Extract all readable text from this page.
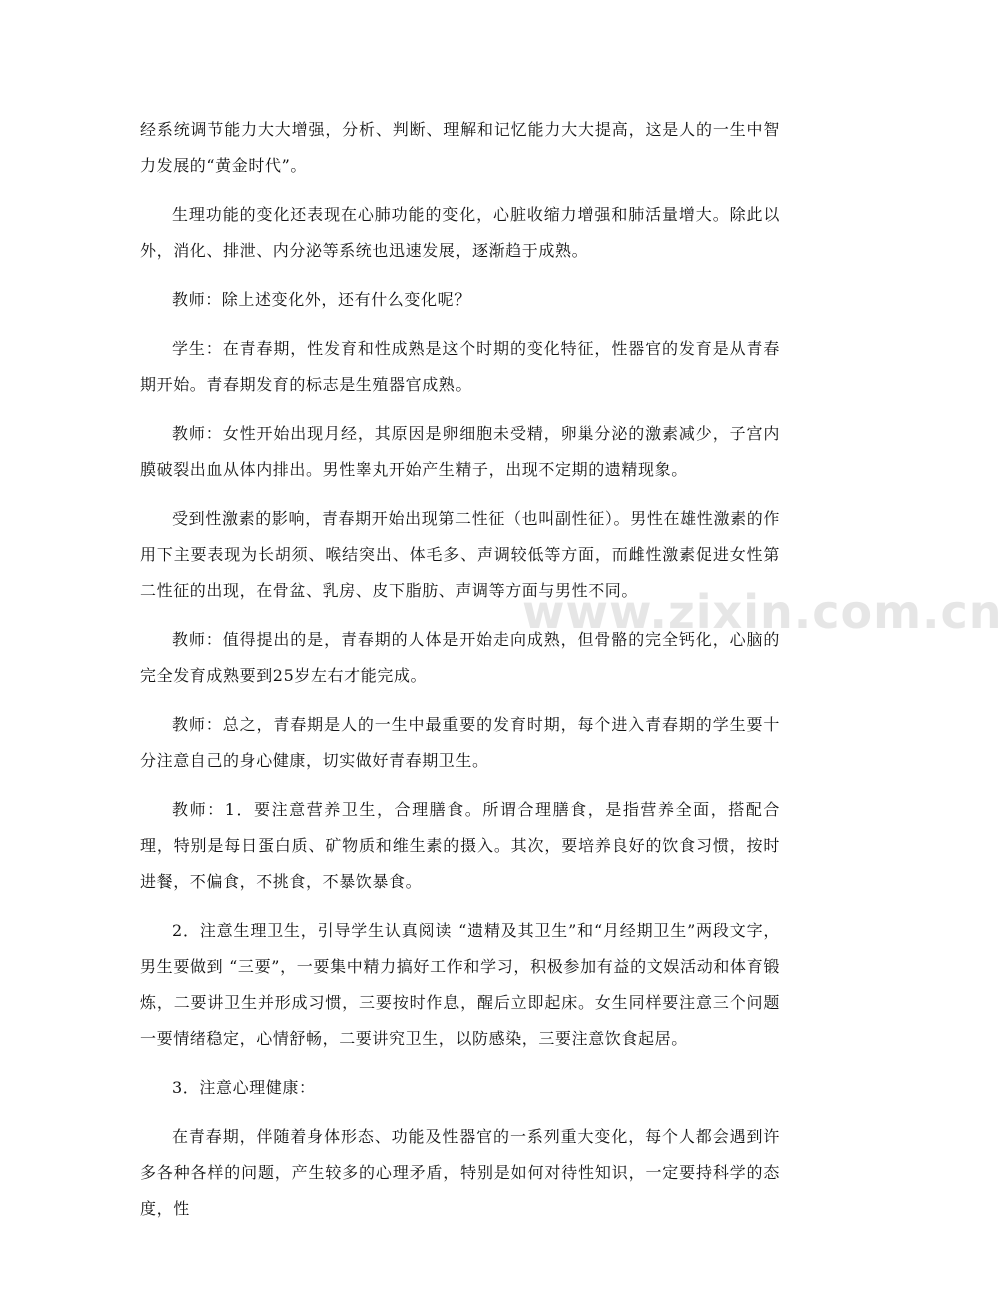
经系统调节能力大大增强，分析、判断、理解和记忆能力大大提高，这是人的一生中智力发展的“黄金时代”。

生理功能的变化还表现在心肺功能的变化，心脏收缩力增强和肺活量增大。除此以外，消化、排泄、内分泌等系统也迅速发展，逐渐趋于成熟。

教师：除上述变化外，还有什么变化呢？

学生：在青春期，性发育和性成熟是这个时期的变化特征，性器官的发育是从青春期开始。青春期发育的标志是生殖器官成熟。

教师：女性开始出现月经，其原因是卵细胞未受精，卵巢分泌的激素减少，子宫内膜破裂出血从体内排出。男性睾丸开始产生精子，出现不定期的遗精现象。

受到性激素的影响，青春期开始出现第二性征（也叫副性征）。男性在雄性激素的作用下主要表现为长胡须、喉结突出、体毛多、声调较低等方面，而雌性激素促进女性第二性征的出现，在骨盆、乳房、皮下脂肪、声调等方面与男性不同。

教师：值得提出的是，青春期的人体是开始走向成熟，但骨骼的完全钙化，心脑的完全发育成熟要到25岁左右才能完成。

教师：总之，青春期是人的一生中最重要的发育时期，每个进入青春期的学生要十分注意自己的身心健康，切实做好青春期卫生。

教师：1．要注意营养卫生，合理膳食。所谓合理膳食，是指营养全面，搭配合理，特别是每日蛋白质、矿物质和维生素的摄入。其次，要培养良好的饮食习惯，按时进餐，不偏食，不挑食，不暴饮暴食。

2．注意生理卫生，引导学生认真阅读 “遗精及其卫生”和“月经期卫生”两段文字，男生要做到 “三要”，一要集中精力搞好工作和学习，积极参加有益的文娱活动和体育锻炼，二要讲卫生并形成习惯，三要按时作息，醒后立即起床。女生同样要注意三个问题 一要情绪稳定，心情舒畅，二要讲究卫生，以防感染，三要注意饮食起居。

3．注意心理健康：

在青春期，伴随着身体形态、功能及性器官的一系列重大变化，每个人都会遇到许多各种各样的问题，产生较多的心理矛盾，特别是如何对待性知识，一定要持科学的态度，性

www.zixin.com.cn
